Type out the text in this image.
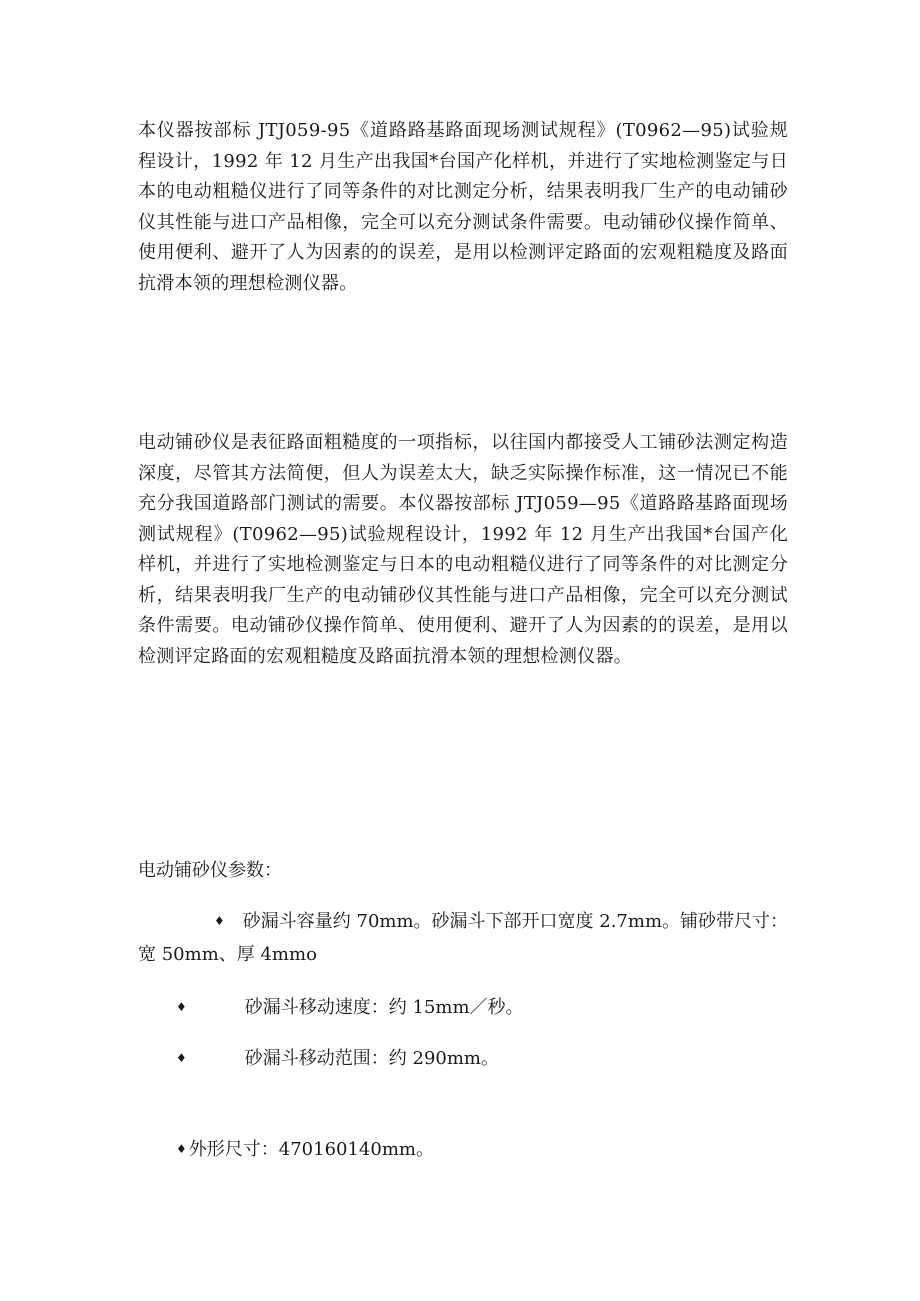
本仪器按部标 JTJ059-95《道路路基路面现场测试规程》(T0962—95)试验规程设计，1992 年 12 月生产出我国*台国产化样机，并进行了实地检测鉴定与日本的电动粗糙仪进行了同等条件的对比测定分析，结果表明我厂生产的电动铺砂仪其性能与进口产品相像，完全可以充分测试条件需要。电动铺砂仪操作简单、使用便利、避开了人为因素的的误差，是用以检测评定路面的宏观粗糙度及路面抗滑本领的理想检测仪器。

电动铺砂仪是表征路面粗糙度的一项指标，以往国内都接受人工铺砂法测定构造深度，尽管其方法简便，但人为误差太大，缺乏实际操作标准，这一情况已不能充分我国道路部门测试的需要。本仪器按部标 JTJ059—95《道路路基路面现场测试规程》(T0962—95)试验规程设计，1992 年 12 月生产出我国*台国产化样机，并进行了实地检测鉴定与日本的电动粗糙仪进行了同等条件的对比测定分析，结果表明我厂生产的电动铺砂仪其性能与进口产品相像，完全可以充分测试条件需要。电动铺砂仪操作简单、使用便利、避开了人为因素的的误差，是用以检测评定路面的宏观粗糙度及路面抗滑本领的理想检测仪器。

电动铺砂仪参数：

♦ 砂漏斗容量约 70mm。砂漏斗下部开口宽度 2.7mm。铺砂带尺寸：宽 50mm、厚 4mmo

♦	砂漏斗移动速度：约 15mm／秒。

♦	砂漏斗移动范围：约 290mm。

♦ 外形尺寸：470160140mm。
